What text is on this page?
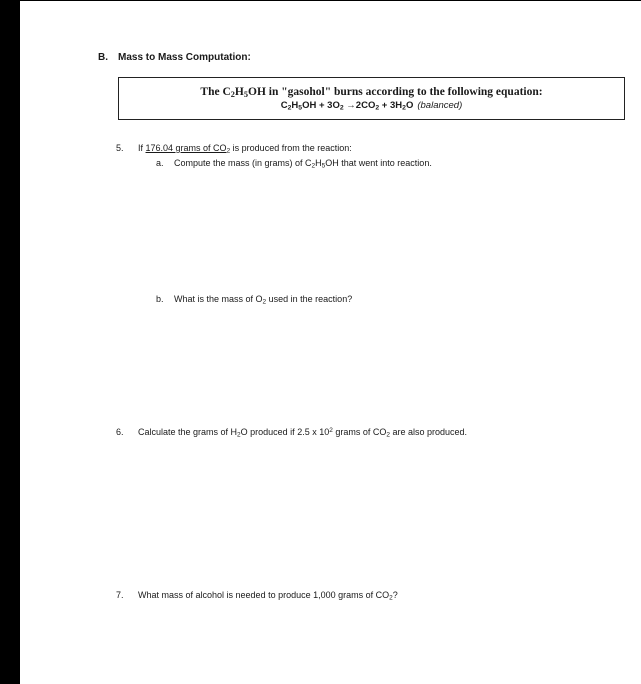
B. Mass to Mass Computation:
The $C_2H_5OH$ in "gasohol" burns according to the following equation:
$C_2H_5OH + 3O_2 \to 2CO_2 + 3H_2O$ (balanced)
5. If 176.04 grams of $CO_2$ is produced from the reaction:
a. Compute the mass (in grams) of $C_2H_5OH$ that went into reaction.
b. What is the mass of $O_2$ used in the reaction?
6. Calculate the grams of $H_2O$ produced if 2.5 x $10^2$ grams of $CO_2$ are also produced.
7. What mass of alcohol is needed to produce 1,000 grams of $CO_2$?
